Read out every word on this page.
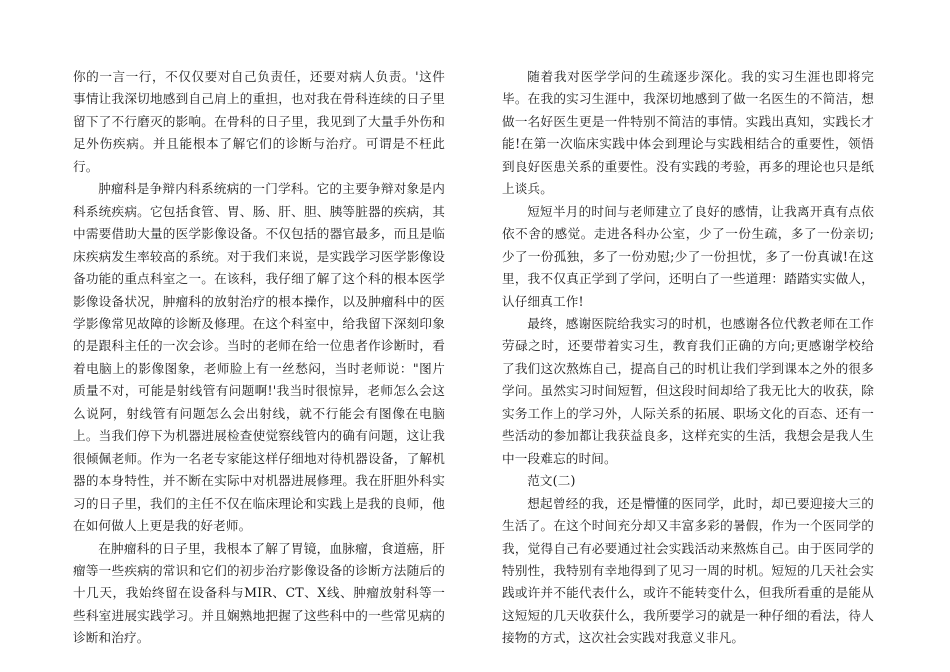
你的一言一行，不仅仅要对自己负责任，还要对病人负责。'这件事情让我深切地感到自己肩上的重担，也对我在骨科连续的日子里留下了不行磨灭的影响。在骨科的日子里，我见到了大量手外伤和足外伤疾病。并且能根本了解它们的诊断与治疗。可谓是不枉此行。

肿瘤科是争辩内科系统病的一门学科。它的主要争辩对象是内科系统疾病。它包括食管、胃、肠、肝、胆、胰等脏器的疾病，其中需要借助大量的医学影像设备。不仅包括的器官最多，而且是临床疾病发生率较高的系统。对于我们来说，是实践学习医学影像设备功能的重点科室之一。在该科，我仔细了解了这个科的根本医学影像设备状况，肿瘤科的放射治疗的根本操作，以及肿瘤科中的医学影像常见故障的诊断及修理。在这个科室中，给我留下深刻印象的是跟科主任的一次会诊。当时的老师在给一位患者作诊断时，看着电脑上的影像图象，老师脸上有一丝愁闷，当时老师说："图片质量不对，可能是射线管有问题啊!'我当时很惊异，老师怎么会这么说阿，射线管有问题怎么会出射线，就不行能会有图像在电脑上。当我们停下为机器进展检查使觉察线管内的确有问题，这让我很倾佩老师。作为一名老专家能这样仔细地对待机器设备，了解机器的本身特性，并不断在实际中对机器进展修理。我在肝胆外科实习的日子里，我们的主任不仅在临床理论和实践上是我的良师，他在如何做人上更是我的好老师。

在肿瘤科的日子里，我根本了解了胃镜，血脉瘤，食道癌，肝瘤等一些疾病的常识和它们的初步治疗影像设备的诊断方法随后的十几天，我始终留在设备科与MIR、CT、X线、肿瘤放射科等一些科室进展实践学习。并且娴熟地把握了这些科中的一些常见病的诊断和治疗。

随着我对医学学问的生疏逐步深化。我的实习生涯也即将完毕。在我的实习生涯中，我深切地感到了做一名医生的不简洁，想做一名好医生更是一件特别不简洁的事情。实践出真知，实践长才能!在第一次临床实践中体会到理论与实践相结合的重要性，领悟到良好医患关系的重要性。没有实践的考验，再多的理论也只是纸上谈兵。

短短半月的时间与老师建立了良好的感情，让我离开真有点依依不舍的感觉。走进各科办公室，少了一份生疏，多了一份亲切;少了一份孤独，多了一份劝慰;少了一份担忧，多了一份真诚!在这里，我不仅真正学到了学问，还明白了一些道理：踏踏实实做人，认仔细真工作!

最终，感谢医院给我实习的时机，也感谢各位代教老师在工作劳碌之时，还要带着实习生，教育我们正确的方向;更感谢学校给了我们这次熬炼自己，提高自己的时机让我们学到课本之外的很多学问。虽然实习时间短暂，但这段时间却给了我无比大的收获，除实务工作上的学习外，人际关系的拓展、职场文化的百态、还有一些活动的参加都让我获益良多，这样充实的生活，我想会是我人生中一段难忘的时间。

范文(二)

想起曾经的我，还是懵懂的医同学，此时，却已要迎接大三的生活了。在这个时间充分却又丰富多彩的暑假，作为一个医同学的我，觉得自己有必要通过社会实践活动来熬炼自己。由于医同学的特别性，我特别有幸地得到了见习一周的时机。短短的几天社会实践或许并不能代表什么，或许不能转变什么，但我所看重的是能从这短短的几天收获什么，我所要学习的就是一种仔细的看法，待人接物的方式，这次社会实践对我意义非凡。
